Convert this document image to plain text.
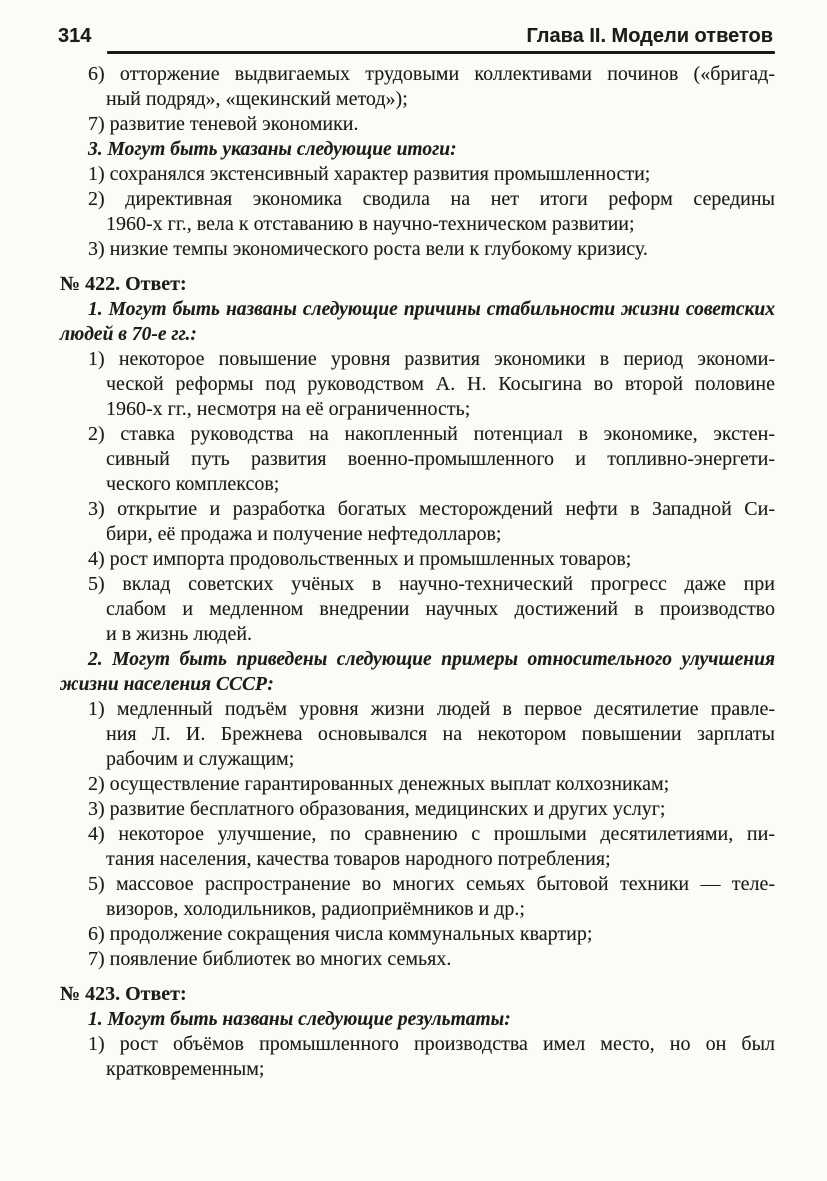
314	Глава II. Модели ответов
6) отторжение выдвигаемых трудовыми коллективами починов («бригад-
ный подряд», «щекинский метод»);
7) развитие теневой экономики.
3. Могут быть указаны следующие итоги:
1) сохранялся экстенсивный характер развития промышленности;
2) директивная экономика сводила на нет итоги реформ середины
1960-х гг., вела к отставанию в научно-техническом развитии;
3) низкие темпы экономического роста вели к глубокому кризису.
№ 422. Ответ:
1. Могут быть названы следующие причины стабильности жизни советских
людей в 70-е гг.:
1) некоторое повышение уровня развития экономики в период экономи-
ческой реформы под руководством А. Н. Косыгина во второй половине
1960-х гг., несмотря на её ограниченность;
2) ставка руководства на накопленный потенциал в экономике, экстен-
сивный путь развития военно-промышленного и топливно-энергети-
ческого комплексов;
3) открытие и разработка богатых месторождений нефти в Западной Си-
бири, её продажа и получение нефтедолларов;
4) рост импорта продовольственных и промышленных товаров;
5) вклад советских учёных в научно-технический прогресс даже при
слабом и медленном внедрении научных достижений в производство
и в жизнь людей.
2. Могут быть приведены следующие примеры относительного улучшения
жизни населения СССР:
1) медленный подъём уровня жизни людей в первое десятилетие правле-
ния Л. И. Брежнева основывался на некотором повышении зарплаты
рабочим и служащим;
2) осуществление гарантированных денежных выплат колхозникам;
3) развитие бесплатного образования, медицинских и других услуг;
4) некоторое улучшение, по сравнению с прошлыми десятилетиями, пи-
тания населения, качества товаров народного потребления;
5) массовое распространение во многих семьях бытовой техники — теле-
визоров, холодильников, радиоприёмников и др.;
6) продолжение сокращения числа коммунальных квартир;
7) появление библиотек во многих семьях.
№ 423. Ответ:
1. Могут быть названы следующие результаты:
1) рост объёмов промышленного производства имел место, но он был
кратковременным;
